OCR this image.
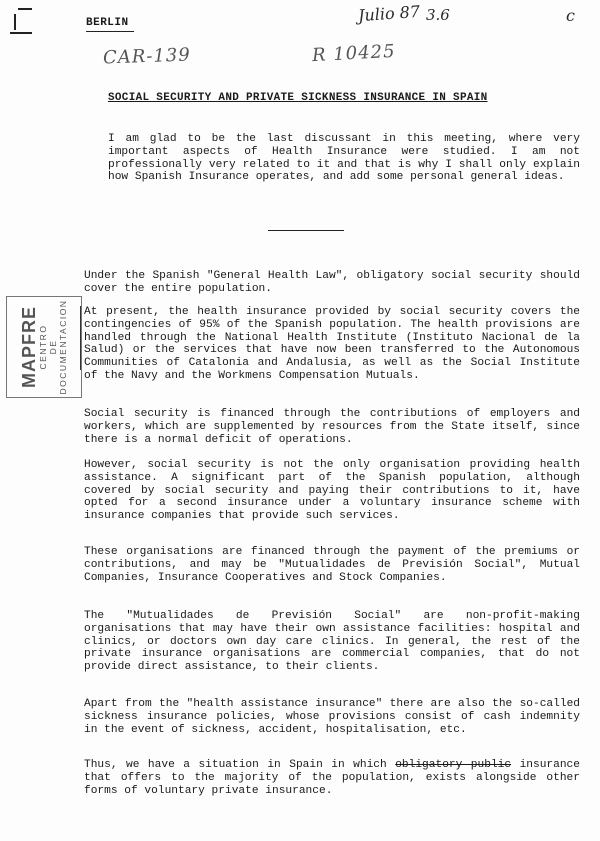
BERLIN	Julio 87 3.6	c
CAR-139	R 10425
SOCIAL SECURITY AND PRIVATE SICKNESS INSURANCE IN SPAIN
I am glad to be the last discussant in this meeting, where very important aspects of Health Insurance were studied. I am not professionally very related to it and that is why I shall only explain how Spanish Insurance operates, and add some personal general ideas.
MAPFRE CENTRO DE DOCUMENTACION
Under the Spanish "General Health Law", obligatory social security should cover the entire population.
At present, the health insurance provided by social security covers the contingencies of 95% of the Spanish population. The health provisions are handled through the National Health Institute (Instituto Nacional de la Salud) or the services that have now been transferred to the Autonomous Communities of Catalonia and Andalusia, as well as the Social Institute of the Navy and the Workmens Compensation Mutuals.
Social security is financed through the contributions of employers and workers, which are supplemented by resources from the State itself, since there is a normal deficit of operations.
However, social security is not the only organisation providing health assistance. A significant part of the Spanish population, although covered by social security and paying their contributions to it, have opted for a second insurance under a voluntary insurance scheme with insurance companies that provide such services.
These organisations are financed through the payment of the premiums or contributions, and may be "Mutualidades de Previsión Social", Mutual Companies, Insurance Cooperatives and Stock Companies.
The "Mutualidades de Previsión Social" are non-profit-making organisations that may have their own assistance facilities: hospital and clinics, or doctors own day care clinics. In general, the rest of the private insurance organisations are commercial companies, that do not provide direct assistance, to their clients.
Apart from the "health assistance insurance" there are also the so-called sickness insurance policies, whose provisions consist of cash indemnity in the event of sickness, accident, hospitalisation, etc.
Thus, we have a situation in Spain in which obligatory public insurance that offers to the majority of the population, exists alongside other forms of voluntary private insurance.
